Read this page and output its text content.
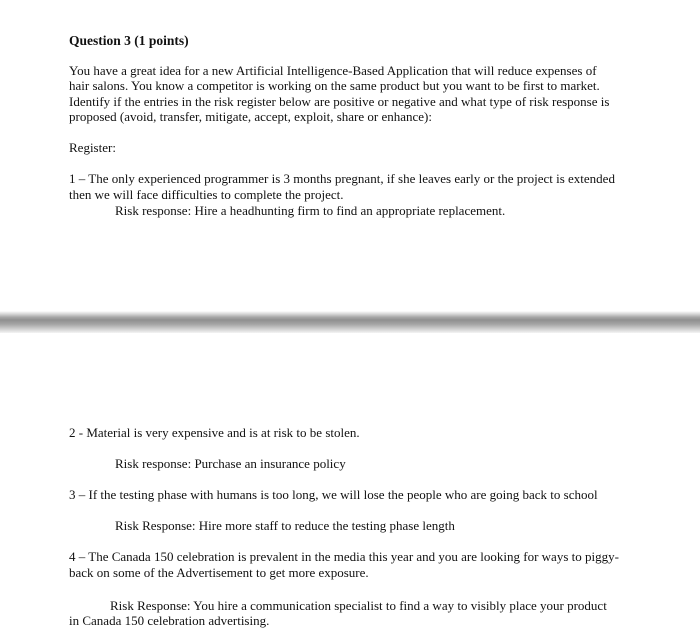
Question 3 (1 points)
You have a great idea for a new Artificial Intelligence-Based Application that will reduce expenses of
hair salons. You know a competitor is working on the same product but you want to be first to market.
Identify if the entries in the risk register below are positive or negative and what type of risk response is
proposed (avoid, transfer, mitigate, accept, exploit, share or enhance):
Register:
1 – The only experienced programmer is 3 months pregnant, if she leaves early or the project is extended
then we will face difficulties to complete the project.
Risk response: Hire a headhunting firm to find an appropriate replacement.
2 - Material is very expensive and is at risk to be stolen.
Risk response: Purchase an insurance policy
3 – If the testing phase with humans is too long, we will lose the people who are going back to school
Risk Response: Hire more staff to reduce the testing phase length
4 – The Canada 150 celebration is prevalent in the media this year and you are looking for ways to piggy-
back on some of the Advertisement to get more exposure.
Risk Response: You hire a communication specialist to find a way to visibly place your product
in Canada 150 celebration advertising.
